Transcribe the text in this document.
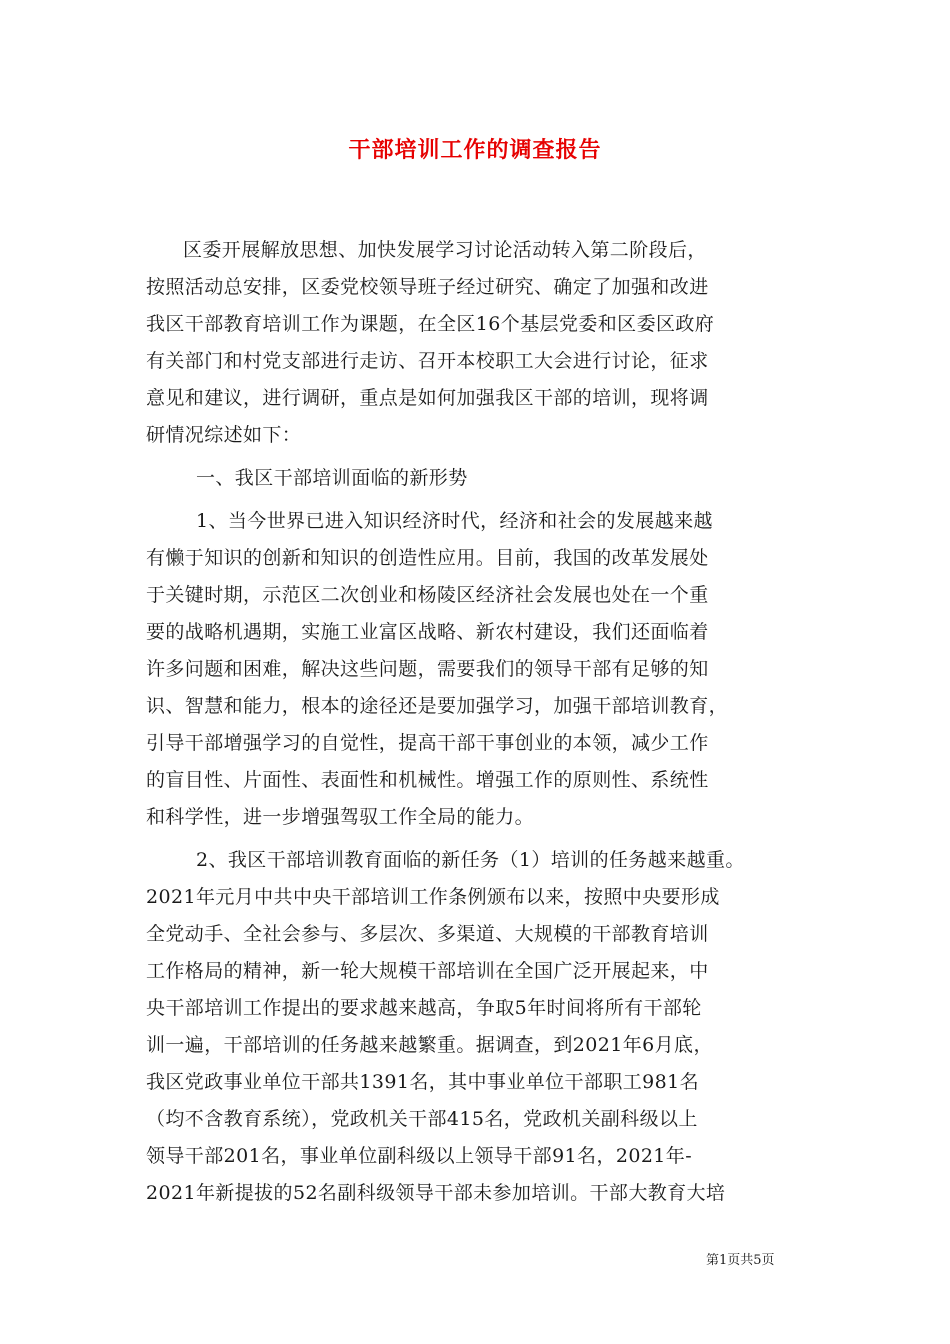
干部培训工作的调查报告
区委开展解放思想、加快发展学习讨论活动转入第二阶段后，
按照活动总安排，区委党校领导班子经过研究、确定了加强和改进
我区干部教育培训工作为课题，在全区16个基层党委和区委区政府
有关部门和村党支部进行走访、召开本校职工大会进行讨论，征求
意见和建议，进行调研，重点是如何加强我区干部的培训，现将调
研情况综述如下：
一、我区干部培训面临的新形势
1、当今世界已进入知识经济时代，经济和社会的发展越来越
有懒于知识的创新和知识的创造性应用。目前，我国的改革发展处
于关键时期，示范区二次创业和杨陵区经济社会发展也处在一个重
要的战略机遇期，实施工业富区战略、新农村建设，我们还面临着
许多问题和困难，解决这些问题，需要我们的领导干部有足够的知
识、智慧和能力，根本的途径还是要加强学习，加强干部培训教育，
引导干部增强学习的自觉性，提高干部干事创业的本领，减少工作
的盲目性、片面性、表面性和机械性。增强工作的原则性、系统性
和科学性，进一步增强驾驭工作全局的能力。
2、我区干部培训教育面临的新任务（1）培训的任务越来越重。
2021年元月中共中央干部培训工作条例颁布以来，按照中央要形成
全党动手、全社会参与、多层次、多渠道、大规模的干部教育培训
工作格局的精神，新一轮大规模干部培训在全国广泛开展起来，中
央干部培训工作提出的要求越来越高，争取5年时间将所有干部轮
训一遍，干部培训的任务越来越繁重。据调查，到2021年6月底，
我区党政事业单位干部共1391名，其中事业单位干部职工981名
（均不含教育系统），党政机关干部415名，党政机关副科级以上
领导干部201名，事业单位副科级以上领导干部91名，2021年-
2021年新提拔的52名副科级领导干部未参加培训。干部大教育大培
第1页共5页
